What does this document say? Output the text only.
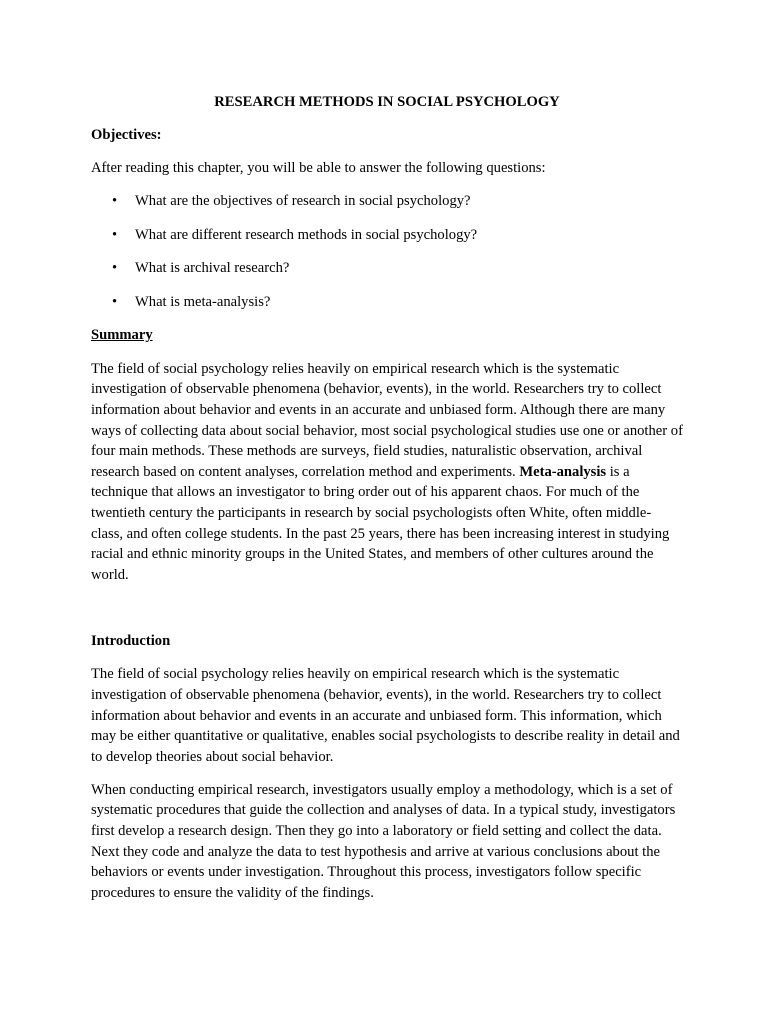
RESEARCH METHODS IN SOCIAL PSYCHOLOGY

Objectives:

After reading this chapter, you will be able to answer the following questions:

• What are the objectives of research in social psychology?
• What are different research methods in social psychology?
• What is archival research?
• What is meta-analysis?

Summary

The field of social psychology relies heavily on empirical research which is the systematic investigation of observable phenomena (behavior, events), in the world. Researchers try to collect information about behavior and events in an accurate and unbiased form. Although there are many ways of collecting data about social behavior, most social psychological studies use one or another of four main methods. These methods are surveys, field studies, naturalistic observation, archival research based on content analyses, correlation method and experiments. Meta-analysis is a technique that allows an investigator to bring order out of his apparent chaos. For much of the twentieth century the participants in research by social psychologists often White, often middle-class, and often college students. In the past 25 years, there has been increasing interest in studying racial and ethnic minority groups in the United States, and members of other cultures around the world.

Introduction

The field of social psychology relies heavily on empirical research which is the systematic investigation of observable phenomena (behavior, events), in the world. Researchers try to collect information about behavior and events in an accurate and unbiased form. This information, which may be either quantitative or qualitative, enables social psychologists to describe reality in detail and to develop theories about social behavior.

When conducting empirical research, investigators usually employ a methodology, which is a set of systematic procedures that guide the collection and analyses of data. In a typical study, investigators first develop a research design. Then they go into a laboratory or field setting and collect the data. Next they code and analyze the data to test hypothesis and arrive at various conclusions about the behaviors or events under investigation. Throughout this process, investigators follow specific procedures to ensure the validity of the findings.
